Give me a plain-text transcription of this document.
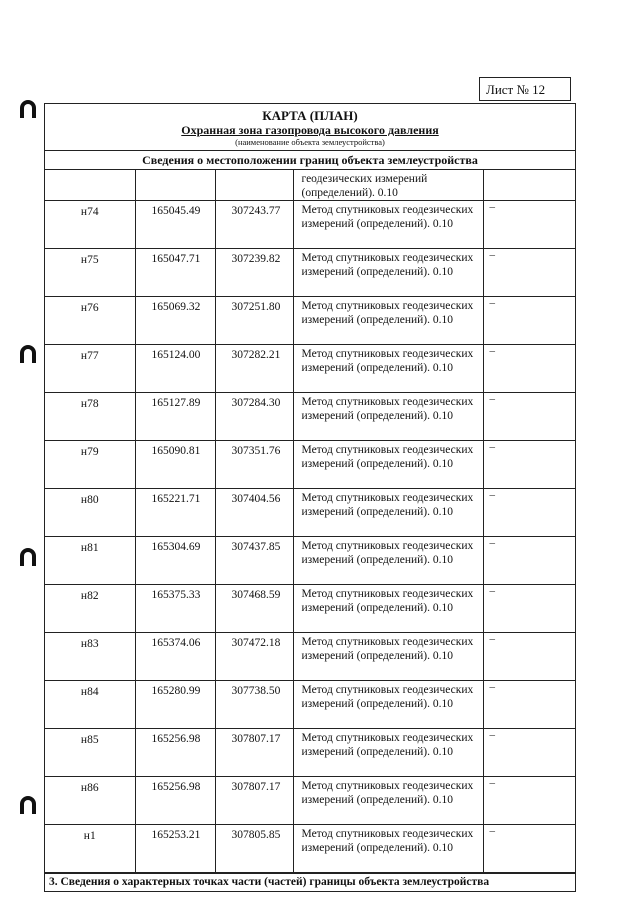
Лист № 12
КАРТА (ПЛАН)
Охранная зона газопровода высокого давления
(наименование объекта землеустройства)
Сведения о местоположении границ объекта землеустройства
			геодезических измерений (определений). 0.10	
н74	165045.49	307243.77	Метод спутниковых геодезических измерений (определений). 0.10	–
н75	165047.71	307239.82	Метод спутниковых геодезических измерений (определений). 0.10	–
н76	165069.32	307251.80	Метод спутниковых геодезических измерений (определений). 0.10	–
н77	165124.00	307282.21	Метод спутниковых геодезических измерений (определений). 0.10	–
н78	165127.89	307284.30	Метод спутниковых геодезических измерений (определений). 0.10	–
н79	165090.81	307351.76	Метод спутниковых геодезических измерений (определений). 0.10	–
н80	165221.71	307404.56	Метод спутниковых геодезических измерений (определений). 0.10	–
н81	165304.69	307437.85	Метод спутниковых геодезических измерений (определений). 0.10	–
н82	165375.33	307468.59	Метод спутниковых геодезических измерений (определений). 0.10	–
н83	165374.06	307472.18	Метод спутниковых геодезических измерений (определений). 0.10	–
н84	165280.99	307738.50	Метод спутниковых геодезических измерений (определений). 0.10	–
н85	165256.98	307807.17	Метод спутниковых геодезических измерений (определений). 0.10	–
н86	165256.98	307807.17	Метод спутниковых геодезических измерений (определений). 0.10	–
н1	165253.21	307805.85	Метод спутниковых геодезических измерений (определений). 0.10	–
3. Сведения о характерных точках части (частей) границы объекта землеустройства
